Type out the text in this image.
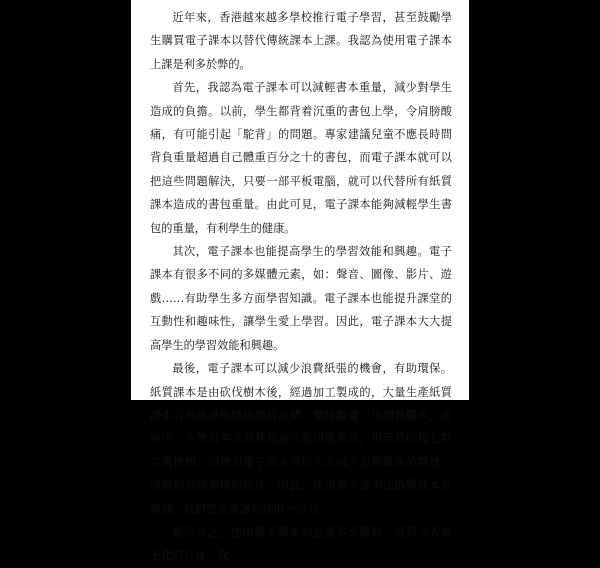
近年來，香港越來越多學校推行電子學習，甚至鼓勵學生購買電子課本以替代傳統課本上課。我認為使用電子課本上課是利多於弊的。

首先，我認為電子課本可以減輕書本重量，減少對學生造成的負擔。以前，學生都背着沉重的書包上學，令肩膀酸痛，有可能引起「駝背」的問題。專家建議兒童不應長時間背負重量超過自己體重百分之十的書包，而電子課本就可以把這些問題解決，只要一部平板電腦，就可以代替所有紙質課本造成的書包重量。由此可見，電子課本能夠減輕學生書包的重量，有利學生的健康。

其次，電子課本也能提高學生的學習效能和興趣。電子課本有很多不同的多媒體元素，如：聲音、圖像、影片、遊戲……有助學生多方面學習知識。電子課本也能提升課堂的互動性和趣味性，讓學生愛上學習。因此，電子課本大大提高學生的學習效能和興趣。

最後，電子課本可以減少浪費紙張的機會，有助環保。紙質課本是由砍伐樹木後，經過加工製成的，大量生產紙質課本容易造成地球資源的浪費。環保觸覺一項調查顯示，香港中、小學每年共消耗超過八點四億張紙，相等於砍伐七點二萬棵樹。而使用電子課本可以大大減少浪費紙張的數量，減輕對地球環境的破壞。因此，使用電子課本比紙質課本更環保，我們要為保護地球出一份力。

總而言之，使用電子課本的益處多不勝數，面對今天電子化的社會，我
